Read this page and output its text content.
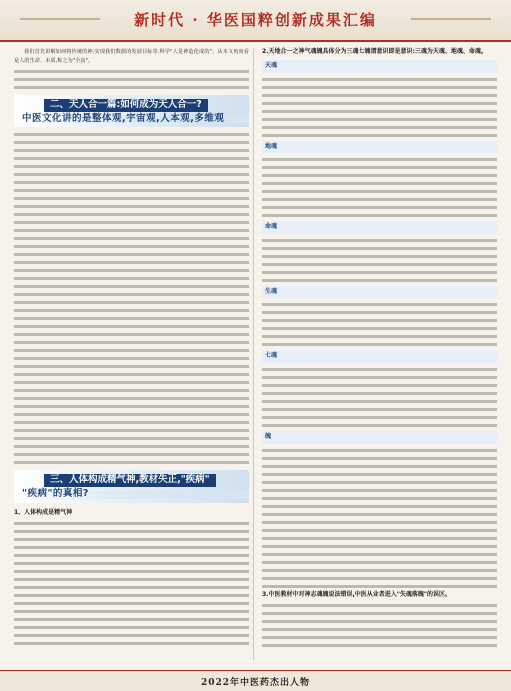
新时代 · 华医国粹创新成果汇编

我们首先讲解如何将传统的神,实现我们数据的发展目标等,科学"人是神造化成的"。从本文角度看是人的生命、本质,称之为"全真"。

二、天人合一篇:如何成为天人合一?
中医文化讲的是整体观,宇宙观,人本观,多维观
三、人体构成精气神,教材失正,"疾病"
"疾病"的真相?
1、人体构成是精气神
2.天地合一之神气魂魄具体分为三魂七魄谓意识即是意识:三魂为天魂、地魂、命魂。
天魂
地魂
命魂
生魂
七魂
魄
3.中医教材中对神志魂魄说法错误,中医从业者进入"失魂落魄"的误区。
2022年中医药杰出人物
